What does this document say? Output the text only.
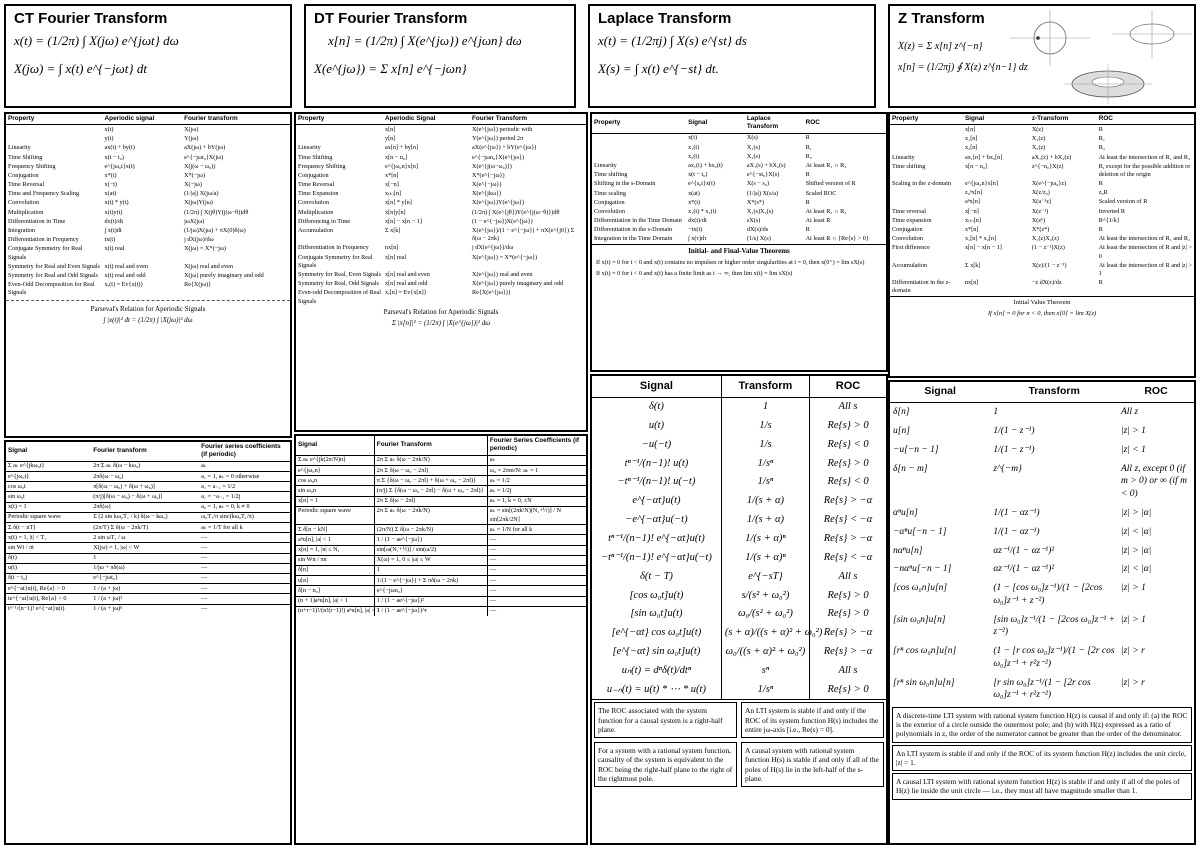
CT Fourier Transform
x(t) = (1/2π) ∫ X(jω) e^{jωt} dω
X(jω) = ∫ x(t) e^{−jωt} dt
DT Fourier Transform
x[n] = (1/2π) ∫ X(e^{jω}) e^{jωn} dω
X(e^{jω}) = Σ x[n] e^{−jωn}
Laplace Transform
x(t) = (1/2πj) ∫ X(s) e^{st} ds
X(s) = ∫ x(t) e^{−st} dt.
Z Transform
X(z) = Σ x[n] z^{−n}
x[n] = (1/2πj) ∮ X(z) z^{n−1} dz
Property	Aperiodic signal	Fourier transform
	x(t)	X(jω)
	y(t)	Y(jω)
Linearity	ax(t) + by(t)	aX(jω) + bY(jω)
Time Shifting	x(t − t₀)	e^{−jωt₀}X(jω)
Frequency Shifting	e^{jω₀t}x(t)	X(j(ω − ω₀))
Conjugation	x*(t)	X*(−jω)
Time Reversal	x(−t)	X(−jω)
Time and Frequency Scaling	x(at)	(1/|a|) X(jω/a)
Convolution	x(t) * y(t)	X(jω)Y(jω)
Multiplication	x(t)y(t)	(1/2π) ∫ X(jθ)Y(j(ω−θ))dθ
Differentiation in Time	dx(t)/dt	jωX(jω)
Integration	∫ x(t)dt	(1/jω)X(jω) + πX(0)δ(ω)
Differentiation in Frequency	tx(t)	j dX(jω)/dω
Conjugate Symmetry for Real Signals	x(t) real	X(jω) = X*(−jω)
Symmetry for Real and Even Signals	x(t) real and even	X(jω) real and even
Symmetry for Real and Odd Signals	x(t) real and odd	X(jω) purely imaginary and odd
Even-Odd Decomposition for Real Signals	xₑ(t) = Ev{x(t)}	Re{X(jω)}
Parseval's Relation for Aperiodic Signals
∫ |x(t)|² dt = (1/2π) ∫ |X(jω)|² dω
Signal	Fourier transform	Fourier series coefficients (if periodic)
Σ aₖ e^{jkω₀t}	2π Σ aₖ δ(ω − kω₀)	aₖ
e^{jω₀t}	2πδ(ω − ω₀)	a₁ = 1, aₖ = 0 otherwise
cos ω₀t	π[δ(ω − ω₀) + δ(ω + ω₀)]	a₁ = a₋₁ = 1/2
sin ω₀t	(π/j)[δ(ω − ω₀) − δ(ω + ω₀)]	a₁ = −a₋₁ = 1/2j
x(t) = 1	2πδ(ω)	a₀ = 1, aₖ = 0, k ≠ 0
Periodic square wave	Σ (2 sin kω₀T₁ / k) δ(ω − kω₀)	ω₀T₁/π sinc(kω₀T₁/π)
Σ δ(t − nT)	(2π/T) Σ δ(ω − 2πk/T)	aₖ = 1/T for all k
x(t) = 1, |t| < T₁	2 sin ωT₁ / ω	—
sin Wt / πt	X(jω) = 1, |ω| < W	—
δ(t)	1	—
u(t)	1/jω + πδ(ω)	—
δ(t − t₀)	e^{−jωt₀}	—
e^{−at}u(t), Re{a} > 0	1 / (a + jω)	—
te^{−at}u(t), Re{a} > 0	1 / (a + jω)²	—
tⁿ⁻¹/(n−1)! e^{−at}u(t)	1 / (a + jω)ⁿ	—
Property	Aperiodic Signal	Fourier Transform
	x[n]	X(e^{jω}) periodic with
	y[n]	Y(e^{jω}) period 2π
Linearity	ax[n] + by[n]	aX(e^{jω}) + bY(e^{jω})
Time Shifting	x[n − n₀]	e^{−jωn₀}X(e^{jω})
Frequency Shifting	e^{jω₀n}x[n]	X(e^{j(ω−ω₀)})
Conjugation	x*[n]	X*(e^{−jω})
Time Reversal	x[−n]	X(e^{−jω})
Time Expansion	x₍ₖ₎[n]	X(e^{jkω})
Convolution	x[n] * y[n]	X(e^{jω})Y(e^{jω})
Multiplication	x[n]y[n]	(1/2π) ∫ X(e^{jθ})Y(e^{j(ω−θ)})dθ
Differencing in Time	x[n] − x[n − 1]	(1 − e^{−jω})X(e^{jω})
Accumulation	Σ x[k]	X(e^{jω})/(1 − e^{−jω}) + πX(e^{j0}) Σ δ(ω − 2πk)
Differentiation in Frequency	nx[n]	j dX(e^{jω})/dω
Conjugate Symmetry for Real Signals	x[n] real	X(e^{jω}) = X*(e^{−jω})
Symmetry for Real, Even Signals	x[n] real and even	X(e^{jω}) real and even
Symmetry for Real, Odd Signals	x[n] real and odd	X(e^{jω}) purely imaginary and odd
Even-odd Decomposition of Real Signals	xₑ[n] = Ev{x[n]}	Re{X(e^{jω})}
Parseval's Relation for Aperiodic Signals
Σ |x[n]|² = (1/2π) ∫ |X(e^{jω})|² dω
Signal	Fourier Transform	Fourier Series Coefficients (if periodic)
Σ aₖ e^{jk(2π/N)n}	2π Σ aₖ δ(ω − 2πk/N)	aₖ
e^{jω₀n}	2π Σ δ(ω − ω₀ − 2πl)	ω₀ = 2πm/N: aₖ = 1
cos ω₀n	π Σ {δ(ω − ω₀ − 2πl) + δ(ω + ω₀ − 2πl)}	aₖ = 1/2
sin ω₀n	(π/j) Σ {δ(ω − ω₀ − 2πl) − δ(ω + ω₀ − 2πl)}	aₖ = 1/2j
x[n] = 1	2π Σ δ(ω − 2πl)	aₖ = 1, k = 0, ±N
Periodic square wave	2π Σ aₖ δ(ω − 2πk/N)	aₖ = sin[(2πk/N)(N₁+½)] / N sin[2πk/2N]
Σ δ[n − kN]	(2π/N) Σ δ(ω − 2πk/N)	aₖ = 1/N for all k
aⁿu[n], |a| < 1	1 / (1 − ae^{−jω})	—
x[n] = 1, |n| ≤ N₁	sin[ω(N₁+½)] / sin(ω/2)	—
sin Wn / πn	X(ω) = 1, 0 ≤ |ω| ≤ W	—
δ[n]	1	—
u[n]	1/(1 − e^{−jω}) + Σ πδ(ω − 2πk)	—
δ[n − n₀]	e^{−jωn₀}	—
(n + 1)aⁿu[n], |a| < 1	1 / (1 − ae^{−jω})²	—
(n+r−1)!/(n!(r−1)!) aⁿu[n], |a| < 1	1 / (1 − ae^{−jω})^r	—
Property	Signal	Laplace Transform	ROC
	x(t)	X(s)	R
	x₁(t)	X₁(s)	R₁
	x₂(t)	X₂(s)	R₂
Linearity	ax₁(t) + bx₂(t)	aX₁(s) + bX₂(s)	At least R₁ ∩ R₂
Time shifting	x(t − t₀)	e^{−st₀}X(s)	R
Shifting in the s-Domain	e^{s₀t}x(t)	X(s − s₀)	Shifted version of R
Time scaling	x(at)	(1/|a|) X(s/a)	Scaled ROC
Conjugation	x*(t)	X*(s*)	R
Convolution	x₁(t) * x₂(t)	X₁(s)X₂(s)	At least R₁ ∩ R₂
Differentiation in the Time Domain	dx(t)/dt	sX(s)	At least R
Differentiation in the s-Domain	−tx(t)	dX(s)/ds	R
Integration in the Time Domain	∫ x(τ)dτ	(1/s) X(s)	At least R ∩ {Re{s} > 0}
Initial- and Final-Value Theorems
If x(t) = 0 for t < 0 and x(t) contains no impulses or higher order singularities at t = 0, then x(0⁺) = lim sX(s)
If x(t) = 0 for t < 0 and x(t) has a finite limit as t → ∞, then lim x(t) = lim sX(s)
Signal	Transform	ROC
δ(t)	1	All s
u(t)	1/s	Re{s} > 0
−u(−t)	1/s	Re{s} < 0
tⁿ⁻¹/(n−1)! u(t)	1/sⁿ	Re{s} > 0
−tⁿ⁻¹/(n−1)! u(−t)	1/sⁿ	Re{s} < 0
e^{−αt}u(t)	1/(s + α)	Re{s} > −α
−e^{−αt}u(−t)	1/(s + α)	Re{s} < −α
tⁿ⁻¹/(n−1)! e^{−αt}u(t)	1/(s + α)ⁿ	Re{s} > −α
−tⁿ⁻¹/(n−1)! e^{−αt}u(−t)	1/(s + α)ⁿ	Re{s} < −α
δ(t − T)	e^{−sT}	All s
[cos ω₀t]u(t)	s/(s² + ω₀²)	Re{s} > 0
[sin ω₀t]u(t)	ω₀/(s² + ω₀²)	Re{s} > 0
[e^{−αt} cos ω₀t]u(t)	(s + α)/((s + α)² + ω₀²)	Re{s} > −α
[e^{−αt} sin ω₀t]u(t)	ω₀/((s + α)² + ω₀²)	Re{s} > −α
uₙ(t) = dⁿδ(t)/dtⁿ	sⁿ	All s
u₋ₙ(t) = u(t) * ⋯ * u(t)	1/sⁿ	Re{s} > 0
The ROC associated with the system function for a causal system is a right-half plane.
An LTI system is stable if and only if the ROC of its system function H(s) includes the entire jω-axis [i.e., Re(s) = 0].
For a system with a rational system function, causality of the system is equivalent to the ROC being the right-half plane to the right of the rightmost pole.
A causal system with rational system function H(s) is stable if and only if all of the poles of H(s) lie in the left-half of the s-plane.
Property	Signal	z-Transform	ROC
	x[n]	X(z)	R
	x₁[n]	X₁(z)	R₁
	x₂[n]	X₂(z)	R₂
Linearity	ax₁[n] + bx₂[n]	aX₁(z) + bX₂(z)	At least the intersection of R₁ and R₂
Time shifting	x[n − n₀]	z^{−n₀}X(z)	R, except for the possible addition or deletion of the origin
Scaling in the z-domain	e^{jω₀n}x[n]	X(e^{−jω₀}z)	R
	z₀ⁿx[n]	X(z/z₀)	z₀R
	aⁿx[n]	X(a⁻¹z)	Scaled version of R
Time reversal	x[−n]	X(z⁻¹)	Inverted R
Time expansion	x₍ₖ₎[n]	X(zᵏ)	R^{1/k}
Conjugation	x*[n]	X*(z*)	R
Convolution	x₁[n] * x₂[n]	X₁(z)X₂(z)	At least the intersection of R₁ and R₂
First difference	x[n] − x[n − 1]	(1 − z⁻¹)X(z)	At least the intersection of R and |z| > 0
Accumulation	Σ x[k]	X(z)/(1 − z⁻¹)	At least the intersection of R and |z| > 1
Differentiation in the z-domain	nx[n]	−z dX(z)/dz	R
Initial Value Theorem
If x[n] = 0 for n < 0, then x[0] = lim X(z)
Signal	Transform	ROC
δ[n]	1	All z
u[n]	1/(1 − z⁻¹)	|z| > 1
−u[−n − 1]	1/(1 − z⁻¹)	|z| < 1
δ[n − m]	z^{−m}	All z, except 0 (if m > 0) or ∞ (if m < 0)
αⁿu[n]	1/(1 − αz⁻¹)	|z| > |α|
−αⁿu[−n − 1]	1/(1 − αz⁻¹)	|z| < |α|
nαⁿu[n]	αz⁻¹/(1 − αz⁻¹)²	|z| > |α|
−nαⁿu[−n − 1]	αz⁻¹/(1 − αz⁻¹)²	|z| < |α|
[cos ω₀n]u[n]	(1 − [cos ω₀]z⁻¹)/(1 − [2cos ω₀]z⁻¹ + z⁻²)	|z| > 1
[sin ω₀n]u[n]	[sin ω₀]z⁻¹/(1 − [2cos ω₀]z⁻¹ + z⁻²)	|z| > 1
[rⁿ cos ω₀n]u[n]	(1 − [r cos ω₀]z⁻¹)/(1 − [2r cos ω₀]z⁻¹ + r²z⁻²)	|z| > r
[rⁿ sin ω₀n]u[n]	[r sin ω₀]z⁻¹/(1 − [2r cos ω₀]z⁻¹ + r²z⁻²)	|z| > r
A discrete-time LTI system with rational system function H(z) is causal if and only if: (a) the ROC is the exterior of a circle outside the outermost pole; and (b) with H(z) expressed as a ratio of polynomials in z, the order of the numerator cannot be greater than the order of the denominator.
An LTI system is stable if and only if the ROC of its system function H(z) includes the unit circle, |z| = 1.
A causal LTI system with rational system function H(z) is stable if and only if all of the poles of H(z) lie inside the unit circle — i.e., they must all have magnitude smaller than 1.
